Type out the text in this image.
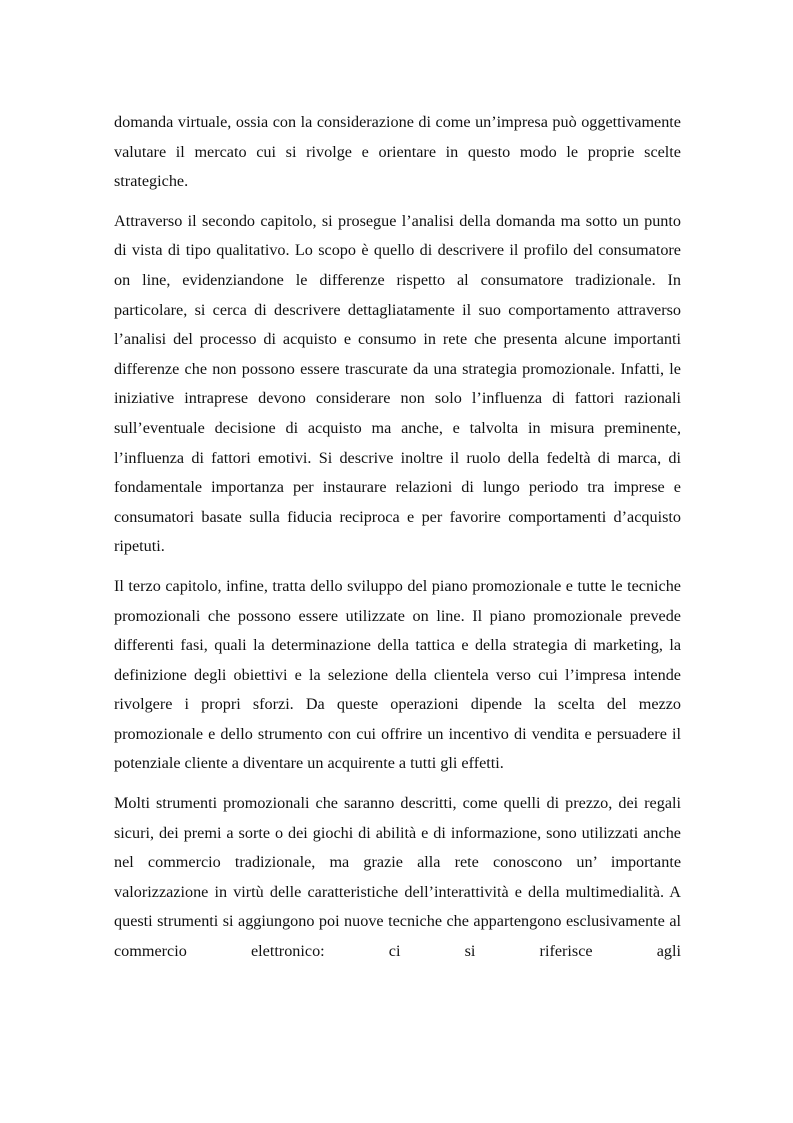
domanda virtuale, ossia con la considerazione di come un’impresa può oggettivamente valutare il mercato cui si rivolge e orientare in questo modo le proprie scelte strategiche.

Attraverso il secondo capitolo, si prosegue l’analisi della domanda ma sotto un punto di vista di tipo qualitativo. Lo scopo è quello di descrivere il profilo del consumatore on line, evidenziandone le differenze rispetto al consumatore tradizionale. In particolare, si cerca di descrivere dettagliatamente il suo comportamento attraverso l’analisi del processo di acquisto e consumo in rete che presenta alcune importanti differenze che non possono essere trascurate da una strategia promozionale. Infatti, le iniziative intraprese devono considerare non solo l’influenza di fattori razionali sull’eventuale decisione di acquisto ma anche, e talvolta in misura preminente, l’influenza di fattori emotivi. Si descrive inoltre il ruolo della fedeltà di marca, di fondamentale importanza per instaurare relazioni di lungo periodo tra imprese e consumatori basate sulla fiducia reciproca e per favorire comportamenti d’acquisto ripetuti.

Il terzo capitolo, infine, tratta dello sviluppo del piano promozionale e tutte le tecniche promozionali che possono essere utilizzate on line. Il piano promozionale prevede differenti fasi, quali la determinazione della tattica e della strategia di marketing, la definizione degli obiettivi e la selezione della clientela verso cui l’impresa intende rivolgere i propri sforzi. Da queste operazioni dipende la scelta del mezzo promozionale e dello strumento con cui offrire un incentivo di vendita e persuadere il potenziale cliente a diventare un acquirente a tutti gli effetti.

Molti strumenti promozionali che saranno descritti, come quelli di prezzo, dei regali sicuri, dei premi a sorte o dei giochi di abilità e di informazione, sono utilizzati anche nel commercio tradizionale, ma grazie alla rete conoscono un’ importante valorizzazione in virtù delle caratteristiche dell’interattività e della multimedialità. A questi strumenti si aggiungono poi nuove tecniche che appartengono esclusivamente al commercio elettronico: ci si riferisce agli
